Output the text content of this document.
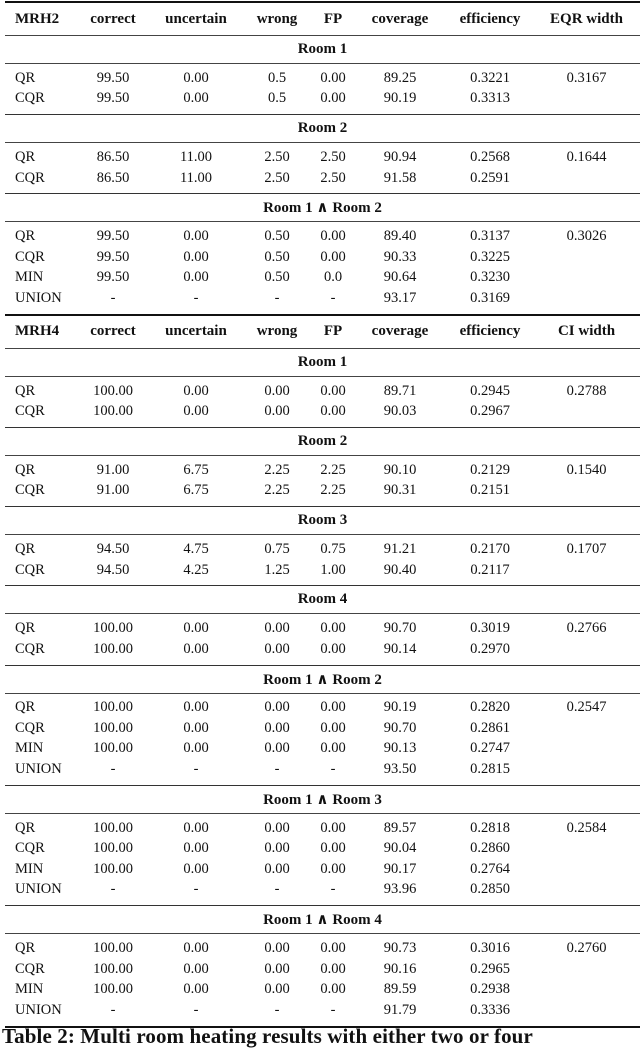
MRH2	correct	uncertain	wrong	FP	coverage	efficiency	EQR width
Room 1							
QR	99.50	0.00	0.5	0.00	89.25	0.3221	0.3167
CQR	99.50	0.00	0.5	0.00	90.19	0.3313	
Room 2							
QR	86.50	11.00	2.50	2.50	90.94	0.2568	0.1644
CQR	86.50	11.00	2.50	2.50	91.58	0.2591	
Room 1 ∧ Room 2							
QR	99.50	0.00	0.50	0.00	89.40	0.3137	0.3026
CQR	99.50	0.00	0.50	0.00	90.33	0.3225	
MIN	99.50	0.00	0.50	0.0	90.64	0.3230	
UNION	-	-	-	-	93.17	0.3169	
MRH4	correct	uncertain	wrong	FP	coverage	efficiency	CI width
Room 1							
QR	100.00	0.00	0.00	0.00	89.71	0.2945	0.2788
CQR	100.00	0.00	0.00	0.00	90.03	0.2967	
Room 2							
QR	91.00	6.75	2.25	2.25	90.10	0.2129	0.1540
CQR	91.00	6.75	2.25	2.25	90.31	0.2151	
Room 3							
QR	94.50	4.75	0.75	0.75	91.21	0.2170	0.1707
CQR	94.50	4.25	1.25	1.00	90.40	0.2117	
Room 4							
QR	100.00	0.00	0.00	0.00	90.70	0.3019	0.2766
CQR	100.00	0.00	0.00	0.00	90.14	0.2970	
Room 1 ∧ Room 2							
QR	100.00	0.00	0.00	0.00	90.19	0.2820	0.2547
CQR	100.00	0.00	0.00	0.00	90.70	0.2861	
MIN	100.00	0.00	0.00	0.00	90.13	0.2747	
UNION	-	-	-	-	93.50	0.2815	
Room 1 ∧ Room 3							
QR	100.00	0.00	0.00	0.00	89.57	0.2818	0.2584
CQR	100.00	0.00	0.00	0.00	90.04	0.2860	
MIN	100.00	0.00	0.00	0.00	90.17	0.2764	
UNION	-	-	-	-	93.96	0.2850	
Room 1 ∧ Room 4							
QR	100.00	0.00	0.00	0.00	90.73	0.3016	0.2760
CQR	100.00	0.00	0.00	0.00	90.16	0.2965	
MIN	100.00	0.00	0.00	0.00	89.59	0.2938	
UNION	-	-	-	-	91.79	0.3336	
Table 2: Multi room heating results with either two or four
